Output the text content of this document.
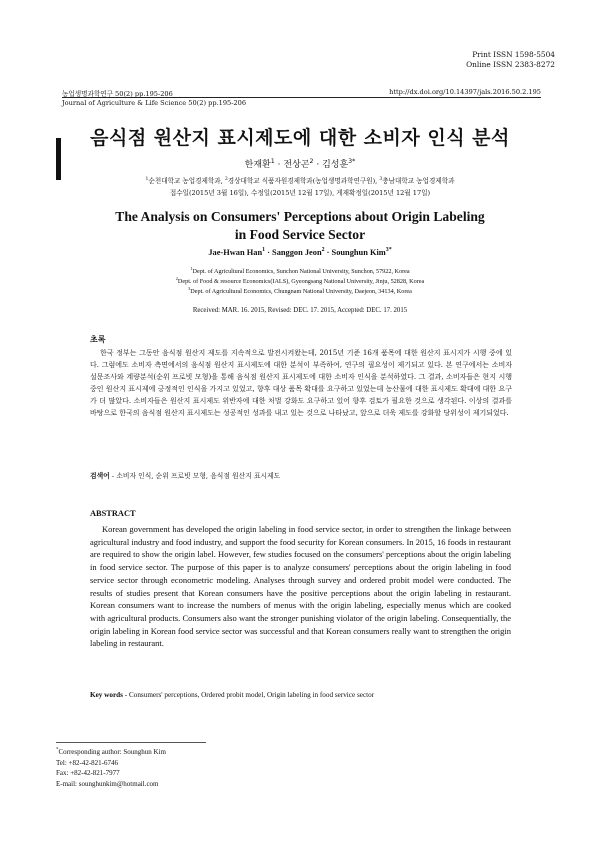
Print ISSN 1598-5504
Online ISSN 2383-8272
농업생명과학연구 50(2) pp.195-206	http://dx.doi.org/10.14397/jals.2016.50.2.195
Journal of Agriculture & Life Science 50(2) pp.195-206
음식점 원산지 표시제도에 대한 소비자 인식 분석
한재환$^1$ · 전상곤$^2$ · 김성훈$^{3*}$
$^1$순천대학교 농업경제학과, $^2$경상대학교 식품자원경제학과(농업생명과학연구원), $^3$충남대학교 농업경제학과
접수일(2015년 3월 16일), 수정일(2015년 12월 17일), 게재확정일(2015년 12월 17일)
The Analysis on Consumers' Perceptions about Origin Labeling
in Food Service Sector
Jae-Hwan Han$^1$ · Sanggon Jeon$^2$ · Sounghun Kim$^{3*}$
$^1$Dept. of Agricultural Economics, Sunchon National University, Sunchon, 57922, Korea
$^2$Dept. of Food & resource Economics(IALS), Gyeongsang National University, Jinju, 52828, Korea
$^3$Dept. of Agricultural Economics, Chungnam National University, Daejeon, 34134, Korea
Received: MAR. 16. 2015, Revised: DEC. 17. 2015, Accepted: DEC. 17. 2015
초록
한국 정부는 그동안 음식점 원산지 제도를 지속적으로 발전시켜왔는데, 2015년 기준 16개 품목에 대한 원산지 표시지가 시행 중에 있다. 그럼에도 소비자 측면에서의 음식점 원산지 표시제도에 대한 분석이 부족하여, 연구의 필요성이 제기되고 있다. 본 연구에서는 소비자 설문조사와 계량분석(순위 프로빗 모형)을 통해 음식점 원산지 표시제도에 대한 소비자 인식을 분석하였다. 그 결과, 소비자들은 현지 시행중인 원산지 표시제에 긍정적인 인식을 가지고 있었고, 향후 대상 품목 확대를 요구하고 있었는데 농산물에 대한 표시제도 확대에 대한 요구가 더 많았다. 소비자들은 원산지 표시제도 위반자에 대한 처벌 강화도 요구하고 있어 향후 검토가 필요한 것으로 생각된다. 이상의 결과를 바탕으로 한국의 음식점 원산지 표시제도는 성공적인 성과를 내고 있는 것으로 나타났고, 앞으로 더욱 제도를 강화할 당위성이 제기되었다.
검색어 - 소비자 인식, 순위 프로빗 모형, 음식점 원산지 표시제도
ABSTRACT
Korean government has developed the origin labeling in food service sector, in order to strengthen the linkage between agricultural industry and food industry, and support the food security for Korean consumers. In 2015, 16 foods in restaurant are required to show the origin label. However, few studies focused on the consumers' perceptions about the origin labeling in food service sector. The purpose of this paper is to analyze consumers' perceptions about the origin labeling in food service sector through econometric modeling. Analyses through survey and ordered probit model were conducted. The results of studies present that Korean consumers have the positive perceptions about the origin labeling in restaurant. Korean consumers want to increase the numbers of menus with the origin labeling, especially menus which are cooked with agricultural products. Consumers also want the stronger punishing violator of the origin labeling. Consequentially, the origin labeling in Korean food service sector was successful and that Korean consumers really want to strengthen the origin labeling in restaurant.
Key words - Consumers' perceptions, Ordered probit model, Origin labeling in food service sector
*Corresponding author: Sounghun Kim
Tel: +82-42-821-6746
Fax: +82-42-821-7977
E-mail: sounghunkim@hotmail.com
